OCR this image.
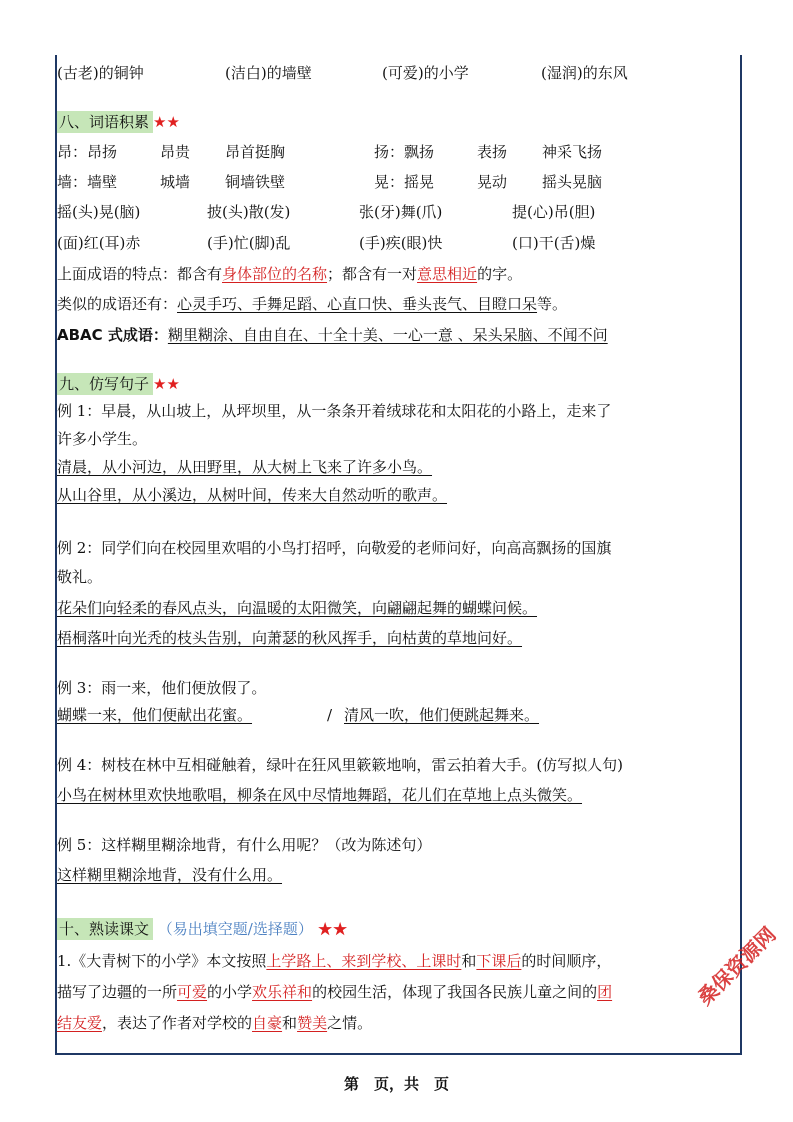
(古老)的铜钟	(洁白)的墙壁	(可爱)的小学	(湿润)的东风
八、词语积累 ★★
昂：昂扬	昂贵 昂首挺胸	扬：飘扬	表扬 神采飞扬
墙：墙壁	城墙 铜墙铁壁	晃：摇晃	晃动 摇头晃脑
摇(头)晃(脑)	披(头)散(发)	张(牙)舞(爪)	提(心)吊(胆)
(面)红(耳)赤	(手)忙(脚)乱	(手)疾(眼)快	(口)干(舌)燥
上面成语的特点：都含有身体部位的名称；都含有一对意思相近的字。
类似的成语还有：心灵手巧、手舞足蹈、心直口快、垂头丧气、目瞪口呆等。
ABAC 式成语：糊里糊涂、自由自在、十全十美、一心一意 、呆头呆脑、不闻不问
九、仿写句子 ★★
例 1：早晨，从山坡上，从坪坝里，从一条条开着绒球花和太阳花的小路上，走来了
许多小学生。
清晨，从小河边，从田野里，从大树上飞来了许多小鸟。
从山谷里，从小溪边，从树叶间，传来大自然动听的歌声。
例 2：同学们向在校园里欢唱的小鸟打招呼，向敬爱的老师问好，向高高飘扬的国旗
敬礼。
花朵们向轻柔的春风点头，向温暖的太阳微笑，向翩翩起舞的蝴蝶问候。
梧桐落叶向光秃的枝头告别，向萧瑟的秋风挥手，向枯黄的草地问好。
例 3：雨一来，他们便放假了。
蝴蝶一来，他们便献出花蜜。	/ 清风一吹，他们便跳起舞来。
例 4：树枝在林中互相碰触着，绿叶在狂风里簌簌地响，雷云拍着大手。(仿写拟人句)
小鸟在树林里欢快地歌唱，柳条在风中尽情地舞蹈，花儿们在草地上点头微笑。
例 5：这样糊里糊涂地背，有什么用呢？（改为陈述句）
这样糊里糊涂地背，没有什么用。
十、熟读课文 （易出填空题/选择题） ★★
1.《大青树下的小学》本文按照上学路上、来到学校、上课时和下课后的时间顺序，
描写了边疆的一所可爱的小学欢乐祥和的校园生活，体现了我国各民族儿童之间的团
结友爱，表达了作者对学校的自豪和赞美之情。
第　页，共　页
桑保资源网
